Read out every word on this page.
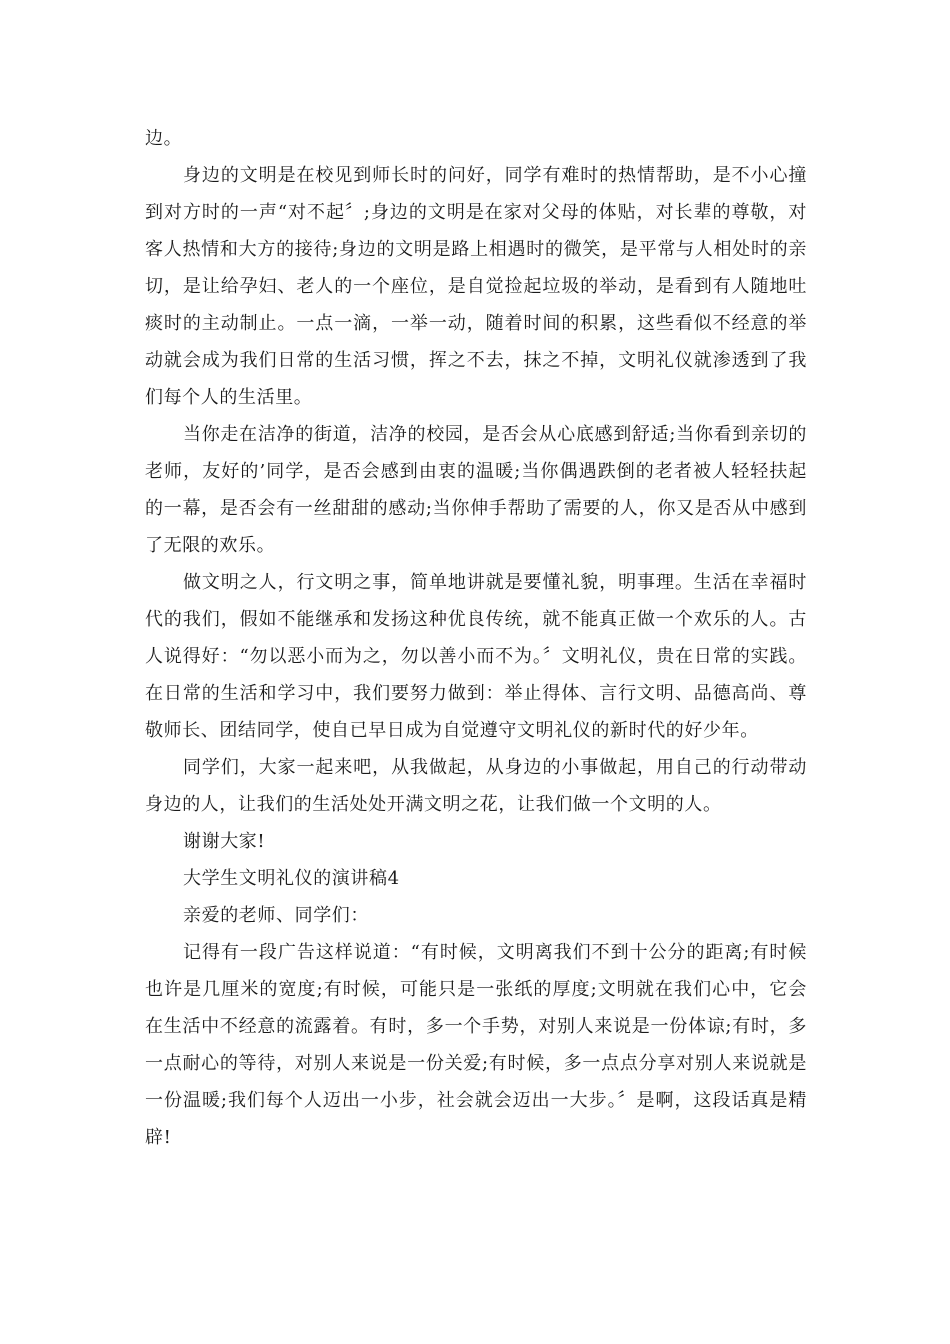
边。

身边的文明是在校见到师长时的问好，同学有难时的热情帮助，是不小心撞到对方时的一声“对不起〞;身边的文明是在家对父母的体贴，对长辈的尊敬，对客人热情和大方的接待;身边的文明是路上相遇时的微笑，是平常与人相处时的亲切，是让给孕妇、老人的一个座位，是自觉捡起垃圾的举动，是看到有人随地吐痰时的主动制止。一点一滴，一举一动，随着时间的积累，这些看似不经意的举动就会成为我们日常的生活习惯，挥之不去，抹之不掉，文明礼仪就渗透到了我们每个人的生活里。

当你走在洁净的街道，洁净的校园，是否会从心底感到舒适;当你看到亲切的老师，友好的’同学，是否会感到由衷的温暖;当你偶遇跌倒的老者被人轻轻扶起的一幕，是否会有一丝甜甜的感动;当你伸手帮助了需要的人，你又是否从中感到了无限的欢乐。

做文明之人，行文明之事，简单地讲就是要懂礼貌，明事理。生活在幸福时代的我们，假如不能继承和发扬这种优良传统，就不能真正做一个欢乐的人。古人说得好：“勿以恶小而为之，勿以善小而不为。〞文明礼仪，贵在日常的实践。在日常的生活和学习中，我们要努力做到：举止得体、言行文明、品德高尚、尊敬师长、团结同学，使自已早日成为自觉遵守文明礼仪的新时代的好少年。

同学们，大家一起来吧，从我做起，从身边的小事做起，用自己的行动带动身边的人，让我们的生活处处开满文明之花，让我们做一个文明的人。

谢谢大家!

大学生文明礼仪的演讲稿4

亲爱的老师、同学们：

记得有一段广告这样说道：“有时候，文明离我们不到十公分的距离;有时候也许是几厘米的宽度;有时候，可能只是一张纸的厚度;文明就在我们心中，它会在生活中不经意的流露着。有时，多一个手势，对别人来说是一份体谅;有时，多一点耐心的等待，对别人来说是一份关爱;有时候，多一点点分享对别人来说就是一份温暖;我们每个人迈出一小步，社会就会迈出一大步。〞是啊，这段话真是精辟!
